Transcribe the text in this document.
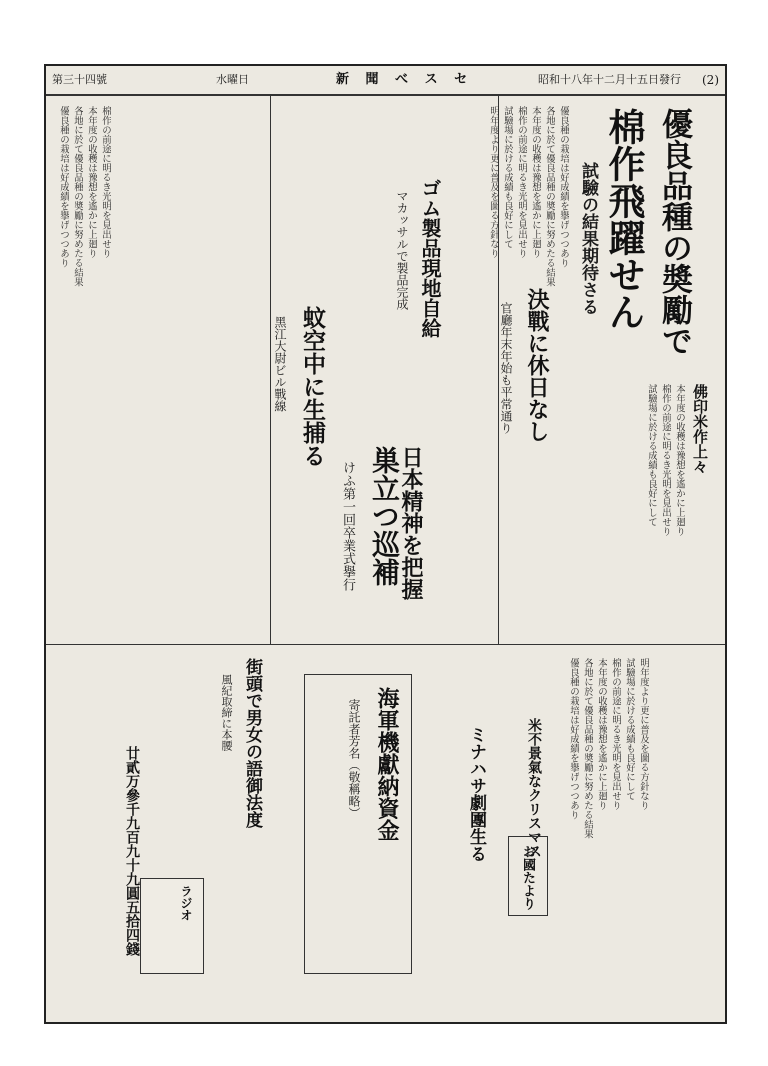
(2)
昭和十八年十二月十五日發行
新 聞 べ ス セ
水曜日
第三十四號
優良品種の奬勵で
棉作飛躍せん
試驗の結果期待さる
優良種の栽培は好成績を擧げつつあり
各地に於て優良品種の奬勵に努めたる結果
本年度の收穫は豫想を遙かに上廻り
棉作の前途に明るき光明を見出せり
試驗場に於ける成績も良好にして
明年度より更に普及を圖る方針なり
佛印米作上々
本年度の收穫は豫想を遙かに上廻り
棉作の前途に明るき光明を見出せり
試驗場に於ける成績も良好にして
日本精神を把握
巣立つ巡補
けふ第一回卒業式擧行
決戰に休日なし
官廳年末年始も平常通り
ゴム製品現地自給
マカッサルで製品完成
蚊空中に生捕る
黑江大尉ビル戰線
街頭で男女の語御法度
風紀取締に本腰
米不景氣なクリスマス
ミナハサ劇團生る
海軍機獻納資金
寄託者芳名（敬稱略）
廿貳万參千九百九十九圓五拾四錢	お國たより
ラジオ
優良種の栽培は好成績を擧げつつあり 各地に於て優良品種の奬勵に努めたる結果 本年度の收穫は豫想を遙かに上廻り 棉作の前途に明るき光明を見出せり 試驗場に於ける成績も良好にして 明年度より更に普及を圖る方針なり
優良種の栽培は好成績を擧げつつあり 各地に於て優良品種の奬勵に努めたる結果 本年度の收穫は豫想を遙かに上廻り 棉作の前途に明るき光明を見出せり
